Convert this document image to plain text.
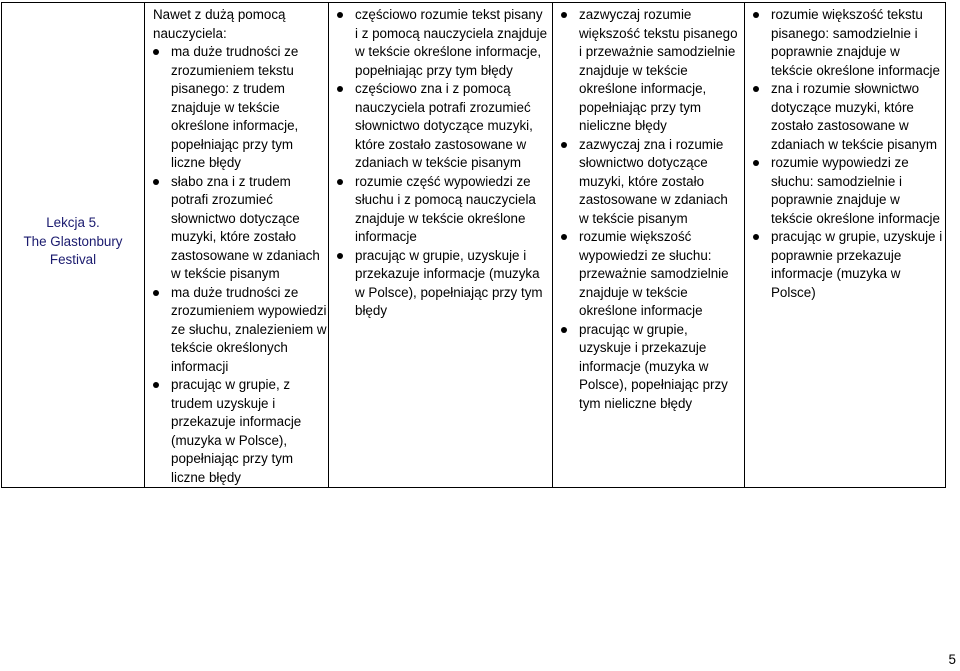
Lekcja 5.
The Glastonbury
Festival

Nawet z dużą pomocą nauczyciela:
ma duże trudności ze zrozumieniem tekstu pisanego: z trudem znajduje w tekście określone informacje, popełniając przy tym liczne błędy
słabo zna i z trudem potrafi zrozumieć słownictwo dotyczące muzyki, które zostało zastosowane w zdaniach w tekście pisanym
ma duże trudności ze zrozumieniem wypowiedzi ze słuchu, znalezieniem w tekście określonych informacji
pracując w grupie, z trudem uzyskuje i przekazuje informacje (muzyka w Polsce), popełniając przy tym liczne błędy

częściowo rozumie tekst pisany i z pomocą nauczyciela znajduje w tekście określone informacje, popełniając przy tym błędy
częściowo zna i z pomocą nauczyciela potrafi zrozumieć słownictwo dotyczące muzyki, które zostało zastosowane w zdaniach w tekście pisanym
rozumie część wypowiedzi ze słuchu i z pomocą nauczyciela znajduje w tekście określone informacje
pracując w grupie, uzyskuje i przekazuje informacje (muzyka w Polsce), popełniając przy tym błędy

zazwyczaj rozumie większość tekstu pisanego i przeważnie samodzielnie znajduje w tekście określone informacje, popełniając przy tym nieliczne błędy
zazwyczaj zna i rozumie słownictwo dotyczące muzyki, które zostało zastosowane w zdaniach w tekście pisanym
rozumie większość wypowiedzi ze słuchu: przeważnie samodzielnie znajduje w tekście określone informacje
pracując w grupie, uzyskuje i przekazuje informacje (muzyka w Polsce), popełniając przy tym nieliczne błędy

rozumie większość tekstu pisanego: samodzielnie i poprawnie znajduje w tekście określone informacje
zna i rozumie słownictwo dotyczące muzyki, które zostało zastosowane w zdaniach w tekście pisanym
rozumie wypowiedzi ze słuchu: samodzielnie i poprawnie znajduje w tekście określone informacje
pracując w grupie, uzyskuje i poprawnie przekazuje informacje (muzyka w Polsce)
5
